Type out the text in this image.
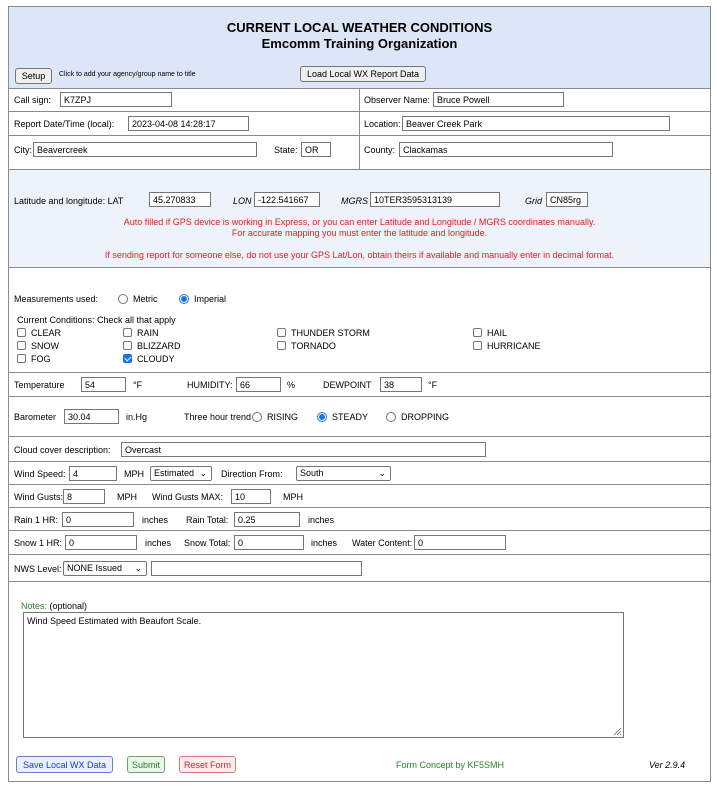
CURRENT LOCAL WEATHER CONDITIONS
Emcomm Training Organization
Setup	Click to add your agency/group name to title	Load Local WX Report Data
Call sign:
K7ZPJ	Observer Name:
Bruce Powell
Report Date/Time (local):
2023-04-08 14:28:17	Location:
Beaver Creek Park
City:
Beavercreek	State:
OR	County:
Clackamas
Latitude and longitude: LAT
45.270833	LON
-122.541667	MGRS
10TER3595313139	Grid
CN85rg
Auto filled if GPS device is working in Express, or you can enter Latitude and Longitude / MGRS coordinates manually.
For accurate mapping you must enter the latitude and longitude.
If sending report for someone else, do not use your GPS Lat/Lon, obtain theirs if available and manually enter in decimal format.
Measurements used:	Metric	Imperial
Current Conditions: Check all that apply
CLEAR	RAIN	THUNDER STORM	HAIL
SNOW	BLIZZARD	TORNADO	HURRICANE
FOG	CLOUDY
Temperature
54	°F	HUMIDITY:
66	%	DEWPOINT
38	°F
Barometer
30.04	in.Hg	Three hour trend RISING	STEADY	DROPPING
Cloud cover description:
Overcast
Wind Speed:
4	MPH	Estimated ⌄ Direction From:	South	⌄
Wind Gusts:
8	MPH Wind Gusts MAX:
10	MPH
Rain 1 HR:
0	inches Rain Total:
0.25	inches
Snow 1 HR:
0	inches Snow Total:
0	inches Water Content:
0
NWS Level: NONE Issued ⌄
Notes: (optional)
Wind Speed Estimated with Beaufort Scale.
Save Local WX Data	Submit	Reset Form	Form Concept by KF5SMH	Ver 2.9.4
